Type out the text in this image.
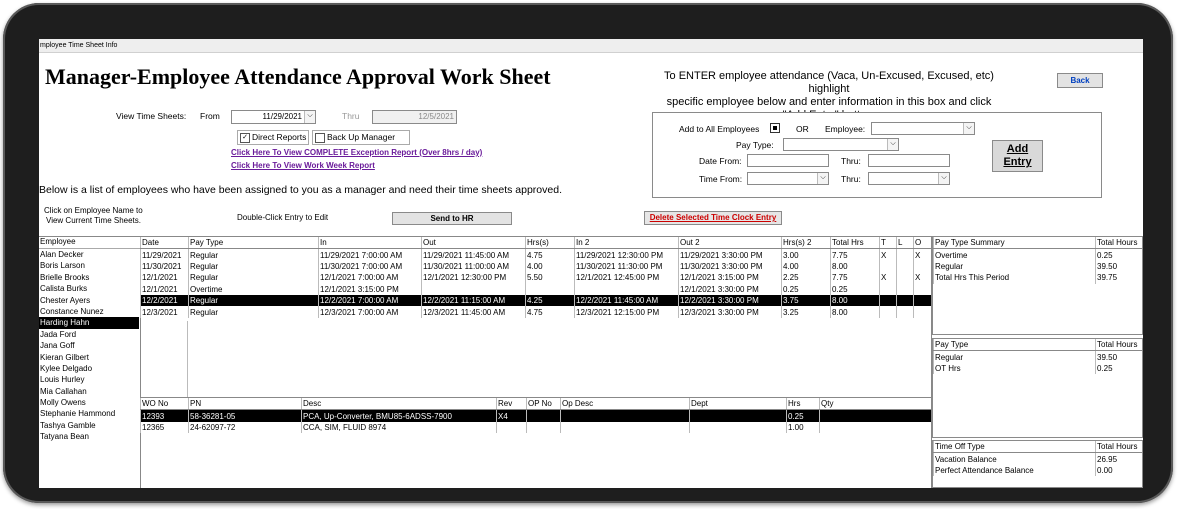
mployee Time Sheet Info
Manager-Employee Attendance Approval Work Sheet	To ENTER employee attendance (Vaca, Un-Excused, Excused, etc) highlight
specific employee below and enter information in this box and click
Back
View Time Sheets: From	11/29/2021 ⌵	Thru	12/5/2021
✓ Direct Reports	Back Up Manager
Click Here To View COMPLETE Exception Report (Over 8hrs / day)
Click Here To View Work Week Report
Add to All Employees	OR Employee:	⌵
Pay Type:	⌵
Date From:	Thru:
Time From:	⌵ Thru:	⌵
Add Entry
Below is a list of employees who have been assigned to you as a manager and need their time sheets approved.
Click on Employee Name to
View Current Time Sheets.	Double-Click Entry to Edit	Send to HR	Delete Selected Time Clock Entry
Employee
Alan Decker
Boris Larson
Brielle Brooks
Calista Burks
Chester Ayers
Constance Nunez
Harding Hahn
Jada Ford
Jana Goff
Kieran Gilbert
Kylee Delgado
Louis Hurley
Mia Callahan
Molly Owens
Stephanie Hammond
Tashya Gamble
Tatyana Bean
Date	Pay Type	In	Out	Hrs(s)	In 2	Out 2	Hrs(s) 2	Total Hrs	T	L	O
11/29/2021	Regular	11/29/2021 7:00:00 AM	11/29/2021 11:45:00 AM	4.75	11/29/2021 12:30:00 PM	11/29/2021 3:30:00 PM	3.00	7.75	X		X
11/30/2021	Regular	11/30/2021 7:00:00 AM	11/30/2021 11:00:00 AM	4.00	11/30/2021 11:30:00 PM	11/30/2021 3:30:00 PM	4.00	8.00			
12/1/2021	Regular	12/1/2021 7:00:00 AM	12/1/2021 12:30:00 PM	5.50	12/1/2021 12:45:00 PM	12/1/2021 3:15:00 PM	2.25	7.75	X		X
12/1/2021	Overtime	12/1/2021 3:15:00 PM				12/1/2021 3:30:00 PM	0.25	0.25			
12/2/2021	Regular	12/2/2021 7:00:00 AM	12/2/2021 11:15:00 AM	4.25	12/2/2021 11:45:00 AM	12/2/2021 3:30:00 PM	3.75	8.00			
12/3/2021	Regular	12/3/2021 7:00:00 AM	12/3/2021 11:45:00 AM	4.75	12/3/2021 12:15:00 PM	12/3/2021 3:30:00 PM	3.25	8.00			
WO No	PN	Desc	Rev	OP No	Op Desc	Dept	Hrs	Qty
12393	58-36281-05	PCA, Up-Converter, BMU85-6ADSS-7900	X4				0.25	
12365	24-62097-72	CCA, SIM, FLUID 8974					1.00	
Pay Type Summary	Total Hours
Overtime	0.25
Regular	39.50
Total Hrs This Period	39.75
Pay Type	Total Hours
Regular	39.50
OT Hrs	0.25
Time Off Type	Total Hours
Vacation Balance	26.95
Perfect Attendance Balance	0.00
